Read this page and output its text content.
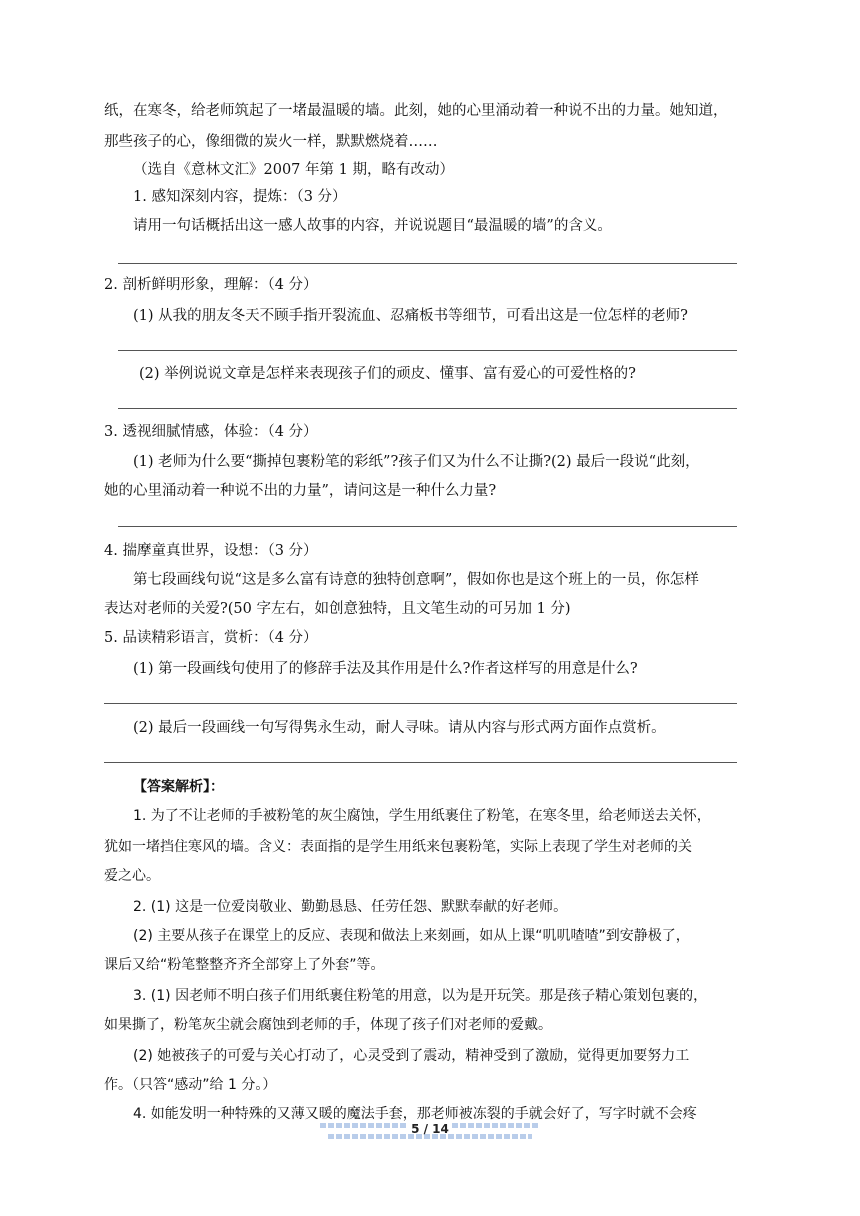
纸，在寒冬，给老师筑起了一堵最温暖的墙。此刻，她的心里涌动着一种说不出的力量。她知道，
那些孩子的心，像细微的炭火一样，默默燃烧着……
（选自《意林文汇》2007 年第 1 期，略有改动）
1. 感知深刻内容，提炼：（3 分）
请用一句话概括出这一感人故事的内容，并说说题目“最温暖的墙”的含义。
2. 剖析鲜明形象，理解：（4 分）
(1) 从我的朋友冬天不顾手指开裂流血、忍痛板书等细节，可看出这是一位怎样的老师?
(2) 举例说说文章是怎样来表现孩子们的顽皮、懂事、富有爱心的可爱性格的?
3. 透视细腻情感，体验：（4 分）
(1) 老师为什么要“撕掉包裹粉笔的彩纸”?孩子们又为什么不让撕?(2) 最后一段说“此刻，
她的心里涌动着一种说不出的力量”，请问这是一种什么力量?
4. 揣摩童真世界，设想：（3 分）
第七段画线句说“这是多么富有诗意的独特创意啊”，假如你也是这个班上的一员，你怎样
表达对老师的关爱?(50 字左右，如创意独特，且文笔生动的可另加 1 分)
5. 品读精彩语言，赏析：（4 分）
(1) 第一段画线句使用了的修辞手法及其作用是什么?作者这样写的用意是什么?
(2) 最后一段画线一句写得隽永生动，耐人寻味。请从内容与形式两方面作点赏析。
【答案解析】：
1. 为了不让老师的手被粉笔的灰尘腐蚀，学生用纸裹住了粉笔，在寒冬里，给老师送去关怀，
犹如一堵挡住寒风的墙。含义：表面指的是学生用纸来包裹粉笔，实际上表现了学生对老师的关
爱之心。
2. (1) 这是一位爱岗敬业、勤勤恳恳、任劳任怨、默默奉献的好老师。
(2) 主要从孩子在课堂上的反应、表现和做法上来刻画，如从上课“叽叽喳喳”到安静极了，
课后又给“粉笔整整齐齐全部穿上了外套”等。
3. (1) 因老师不明白孩子们用纸裹住粉笔的用意，以为是开玩笑。那是孩子精心策划包裹的，
如果撕了，粉笔灰尘就会腐蚀到老师的手，体现了孩子们对老师的爱戴。
(2) 她被孩子的可爱与关心打动了，心灵受到了震动，精神受到了激励，觉得更加要努力工
作。（只答“感动”给 1 分。）
4. 如能发明一种特殊的又薄又暖的魔法手套，那老师被冻裂的手就会好了，写字时就不会疼
5 / 14
